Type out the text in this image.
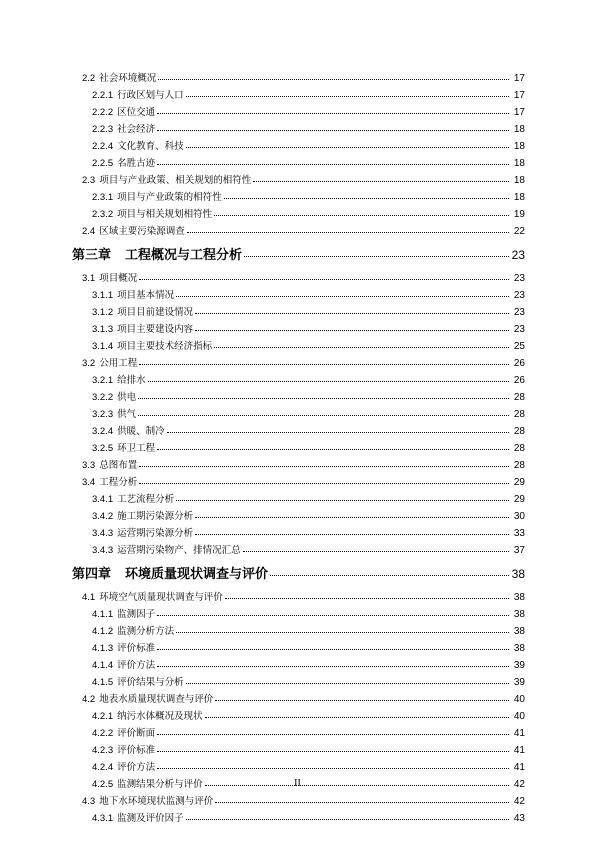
2.2 社会环境概况	17
2.2.1 行政区划与人口	17
2.2.2 区位交通	17
2.2.3 社会经济	18
2.2.4 文化教育、科技	18
2.2.5 名胜古迹	18
2.3 项目与产业政策、相关规划的相符性	18
2.3.1 项目与产业政策的相符性	18
2.3.2 项目与相关规划相符性	19
2.4 区域主要污染源调查	22
第三章 工程概况与工程分析	23
3.1 项目概况	23
3.1.1 项目基本情况	23
3.1.2 项目目前建设情况	23
3.1.3 项目主要建设内容	23
3.1.4 项目主要技术经济指标	25
3.2 公用工程	26
3.2.1 给排水	26
3.2.2 供电	28
3.2.3 供气	28
3.2.4 供暖、制冷	28
3.2.5 环卫工程	28
3.3 总图布置	28
3.4 工程分析	29
3.4.1 工艺流程分析	29
3.4.2 施工期污染源分析	30
3.4.3 运营期污染源分析	33
3.4.3 运营期污染物产、排情况汇总	37
第四章 环境质量现状调查与评价	38
4.1 环境空气质量现状调查与评价	38
4.1.1 监测因子	38
4.1.2 监测分析方法	38
4.1.3 评价标准	38
4.1.4 评价方法	39
4.1.5 评价结果与分析	39
4.2 地表水质量现状调查与评价	40
4.2.1 纳污水体概况及现状	40
4.2.2 评价断面	41
4.2.3 评价标准	41
4.2.4 评价方法	41
4.2.5 监测结果分析与评价	42
4.3 地下水环境现状监测与评价	42
4.3.1 监测及评价因子	43
II
